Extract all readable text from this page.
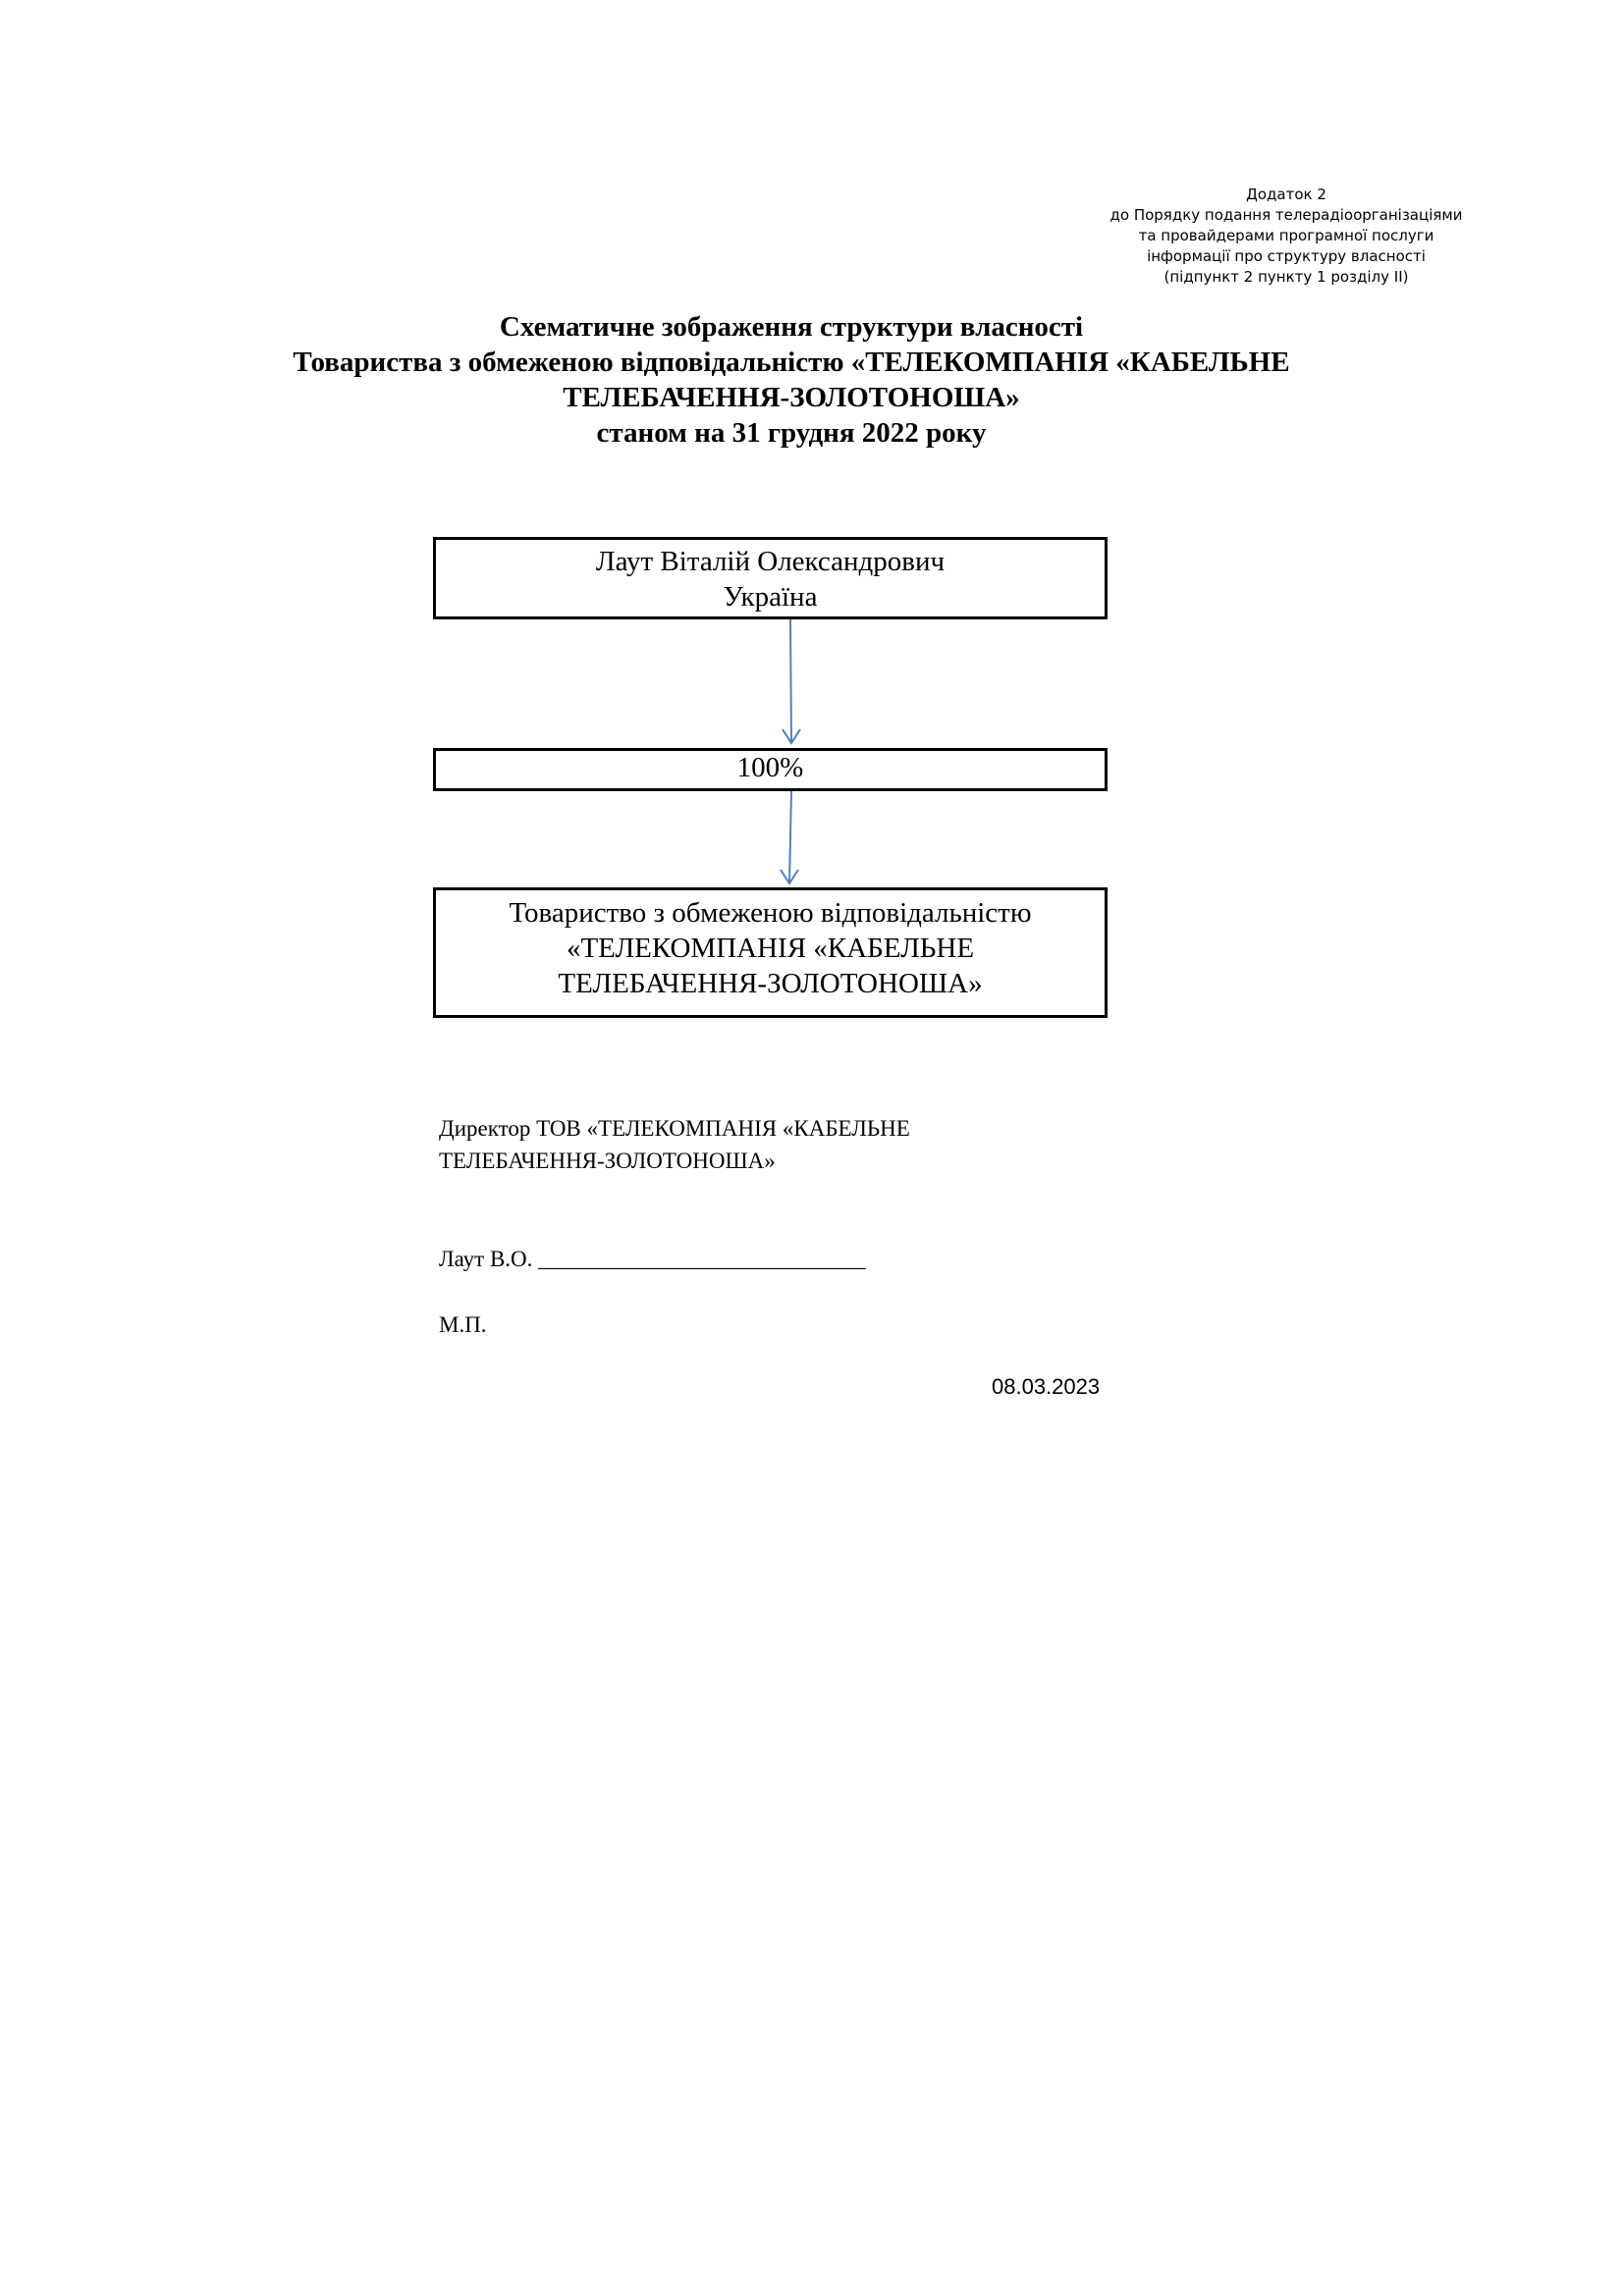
Додаток 2
до Порядку подання телерадіоорганізаціями
та провайдерами програмної послуги
інформації про структуру власності
(підпункт 2 пункту 1 розділу ІІ)
Схематичне зображення структури власності
Товариства з обмеженою відповідальністю «ТЕЛЕКОМПАНІЯ «КАБЕЛЬНЕ
ТЕЛЕБАЧЕННЯ-ЗОЛОТОНОША»
станом на 31 грудня 2022 року
Лаут Віталій Олександрович
Україна
100%
Товариство з обмеженою відповідальністю
«ТЕЛЕКОМПАНІЯ «КАБЕЛЬНЕ
ТЕЛЕБАЧЕННЯ-ЗОЛОТОНОША»
Директор ТОВ «ТЕЛЕКОМПАНІЯ «КАБЕЛЬНЕ
ТЕЛЕБАЧЕННЯ-ЗОЛОТОНОША»
Лаут В.О. _____________________________
М.П.
08.03.2023
